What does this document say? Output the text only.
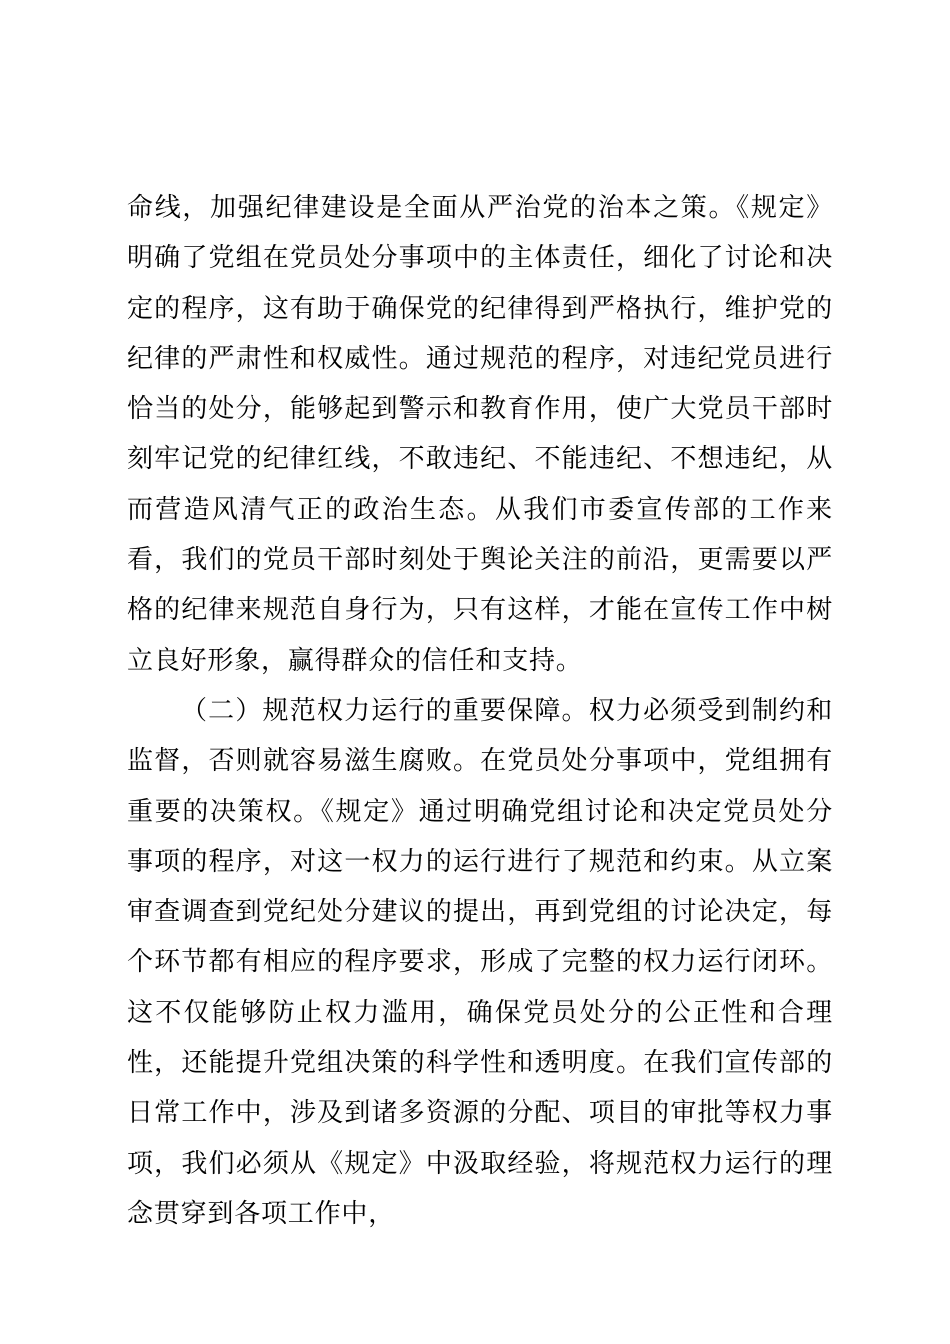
命线，加强纪律建设是全面从严治党的治本之策。《规定》明确了党组在党员处分事项中的主体责任，细化了讨论和决定的程序，这有助于确保党的纪律得到严格执行，维护党的纪律的严肃性和权威性。通过规范的程序，对违纪党员进行恰当的处分，能够起到警示和教育作用，使广大党员干部时刻牢记党的纪律红线，不敢违纪、不能违纪、不想违纪，从而营造风清气正的政治生态。从我们市委宣传部的工作来看，我们的党员干部时刻处于舆论关注的前沿，更需要以严格的纪律来规范自身行为，只有这样，才能在宣传工作中树立良好形象，赢得群众的信任和支持。

（二）规范权力运行的重要保障。权力必须受到制约和监督，否则就容易滋生腐败。在党员处分事项中，党组拥有重要的决策权。《规定》通过明确党组讨论和决定党员处分事项的程序，对这一权力的运行进行了规范和约束。从立案审查调查到党纪处分建议的提出，再到党组的讨论决定，每个环节都有相应的程序要求，形成了完整的权力运行闭环。这不仅能够防止权力滥用，确保党员处分的公正性和合理性，还能提升党组决策的科学性和透明度。在我们宣传部的日常工作中，涉及到诸多资源的分配、项目的审批等权力事项，我们必须从《规定》中汲取经验，将规范权力运行的理念贯穿到各项工作中，
